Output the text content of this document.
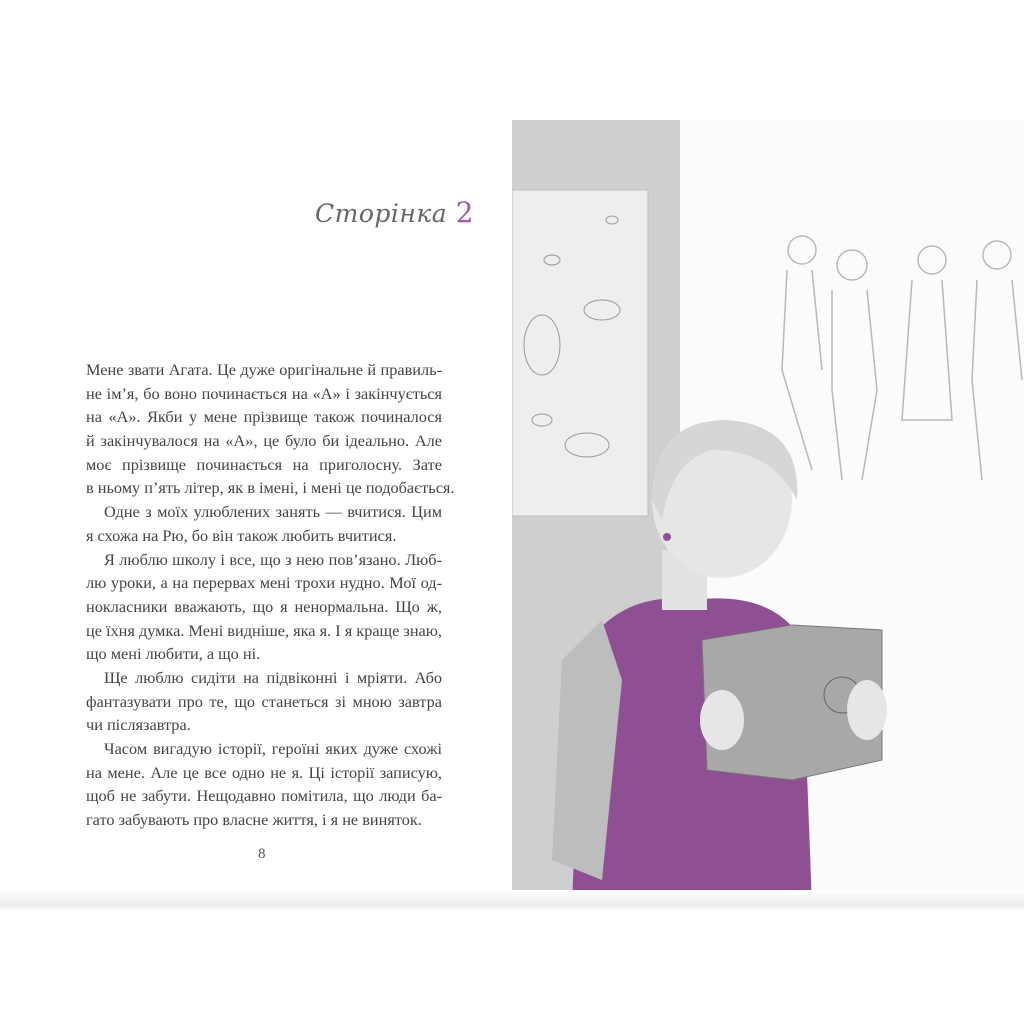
Сторінка 2
Мене звати Агата. Це дуже оригінальне й правиль-
не ім’я, бо воно починається на «А» і закінчується
на «А». Якби у мене прізвище також починалося
й закінчувалося на «А», це було би ідеально. Але
моє прізвище починається на приголосну. Зате
в ньому п’ять літер, як в імені, і мені це подобається.
Одне з моїх улюблених занять — вчитися. Цим
я схожа на Рю, бо він також любить вчитися.
Я люблю школу і все, що з нею пов’язано. Люб-
лю уроки, а на перервах мені трохи нудно. Мої од-
нокласники вважають, що я ненормальна. Що ж,
це їхня думка. Мені видніше, яка я. І я краще знаю,
що мені любити, а що ні.
Ще люблю сидіти на підвіконні і мріяти. Або
фантазувати про те, що станеться зі мною завтра
чи післязавтра.
Часом вигадую історії, героїні яких дуже схожі
на мене. Але це все одно не я. Ці історії записую,
щоб не забути. Нещодавно помітила, що люди ба-
гато забувають про власне життя, і я не виняток.
8
